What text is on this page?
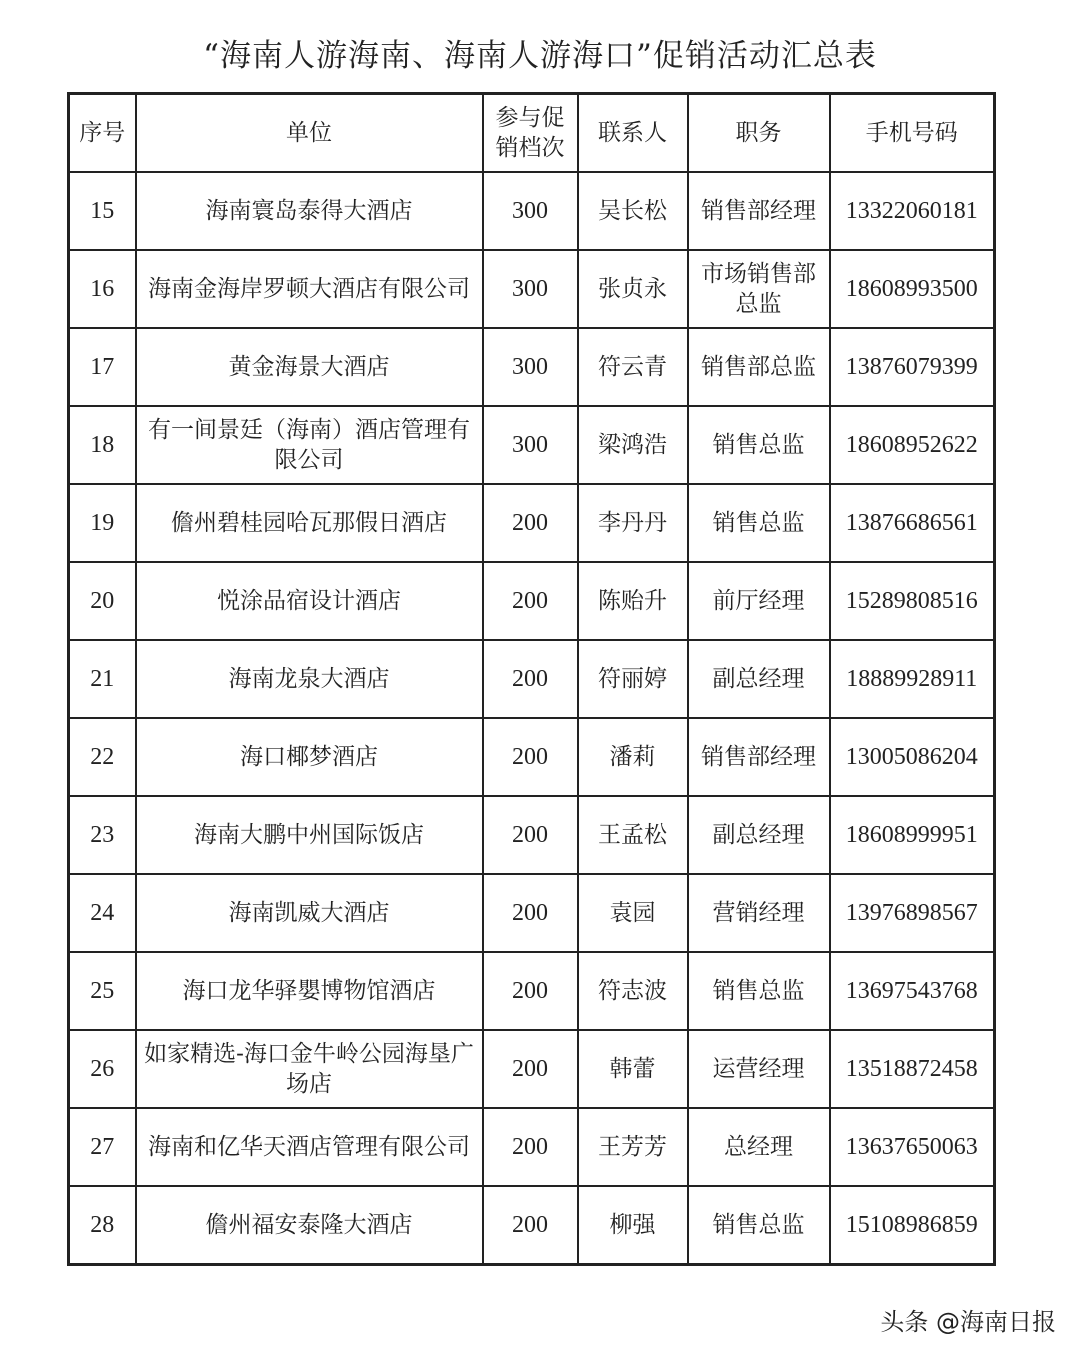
“海南人游海南、海南人游海口”促销活动汇总表
序号	单位	参与促销档次	联系人	职务	手机号码
15	海南寰岛泰得大酒店	300	吴长松	销售部经理	13322060181
16	海南金海岸罗顿大酒店有限公司	300	张贞永	市场销售部总监	18608993500
17	黄金海景大酒店	300	符云青	销售部总监	13876079399
18	有一间景廷（海南）酒店管理有限公司	300	梁鸿浩	销售总监	18608952622
19	儋州碧桂园哈瓦那假日酒店	200	李丹丹	销售总监	13876686561
20	悦涂品宿设计酒店	200	陈贻升	前厅经理	15289808516
21	海南龙泉大酒店	200	符丽婷	副总经理	18889928911
22	海口椰梦酒店	200	潘莉	销售部经理	13005086204
23	海南大鹏中州国际饭店	200	王孟松	副总经理	18608999951
24	海南凯威大酒店	200	袁园	营销经理	13976898567
25	海口龙华驿嬰博物馆酒店	200	符志波	销售总监	13697543768
26	如家精选-海口金牛岭公园海垦广场店	200	韩蕾	运营经理	13518872458
27	海南和亿华天酒店管理有限公司	200	王芳芳	总经理	13637650063
28	儋州福安泰隆大酒店	200	柳强	销售总监	15108986859
头条 @海南日报
